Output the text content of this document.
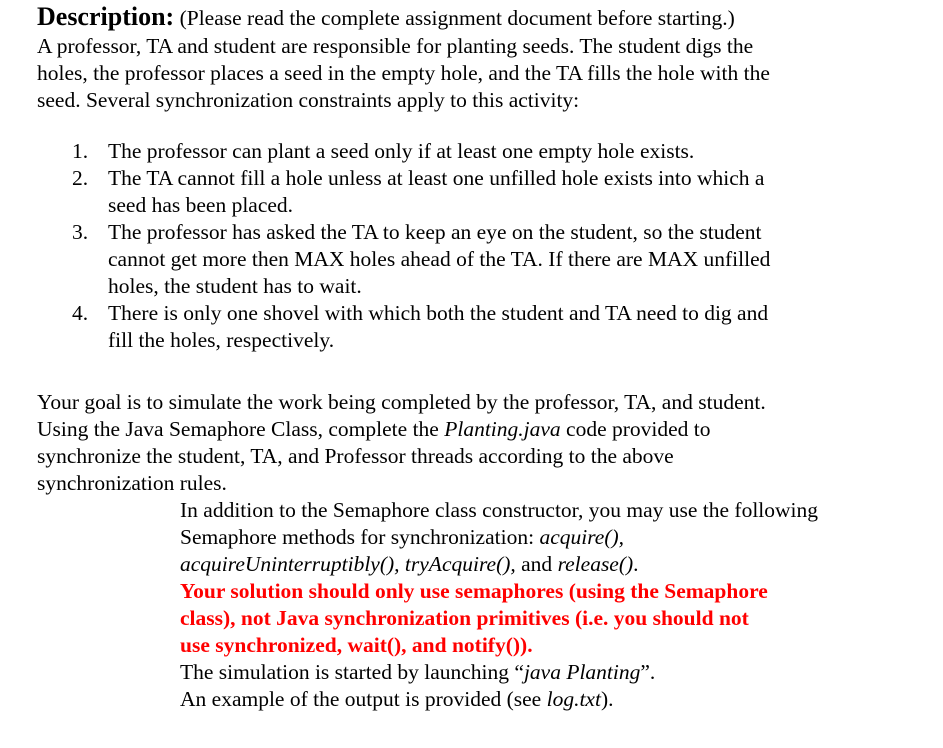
Description: (Please read the complete assignment document before starting.)
A professor, TA and student are responsible for planting seeds. The student digs the
holes, the professor places a seed in the empty hole, and the TA fills the hole with the
seed. Several synchronization constraints apply to this activity:
1. The professor can plant a seed only if at least one empty hole exists.
2. The TA cannot fill a hole unless at least one unfilled hole exists into which a
seed has been placed.
3. The professor has asked the TA to keep an eye on the student, so the student
cannot get more then MAX holes ahead of the TA. If there are MAX unfilled
holes, the student has to wait.
4. There is only one shovel with which both the student and TA need to dig and
fill the holes, respectively.
Your goal is to simulate the work being completed by the professor, TA, and student.
Using the Java Semaphore Class, complete the Planting.java code provided to
synchronize the student, TA, and Professor threads according to the above
synchronization rules.
In addition to the Semaphore class constructor, you may use the following
Semaphore methods for synchronization: acquire(),
acquireUninterruptibly(), tryAcquire(), and release().
Your solution should only use semaphores (using the Semaphore
class), not Java synchronization primitives (i.e. you should not
use synchronized, wait(), and notify()).
The simulation is started by launching “java Planting”.
An example of the output is provided (see log.txt).
